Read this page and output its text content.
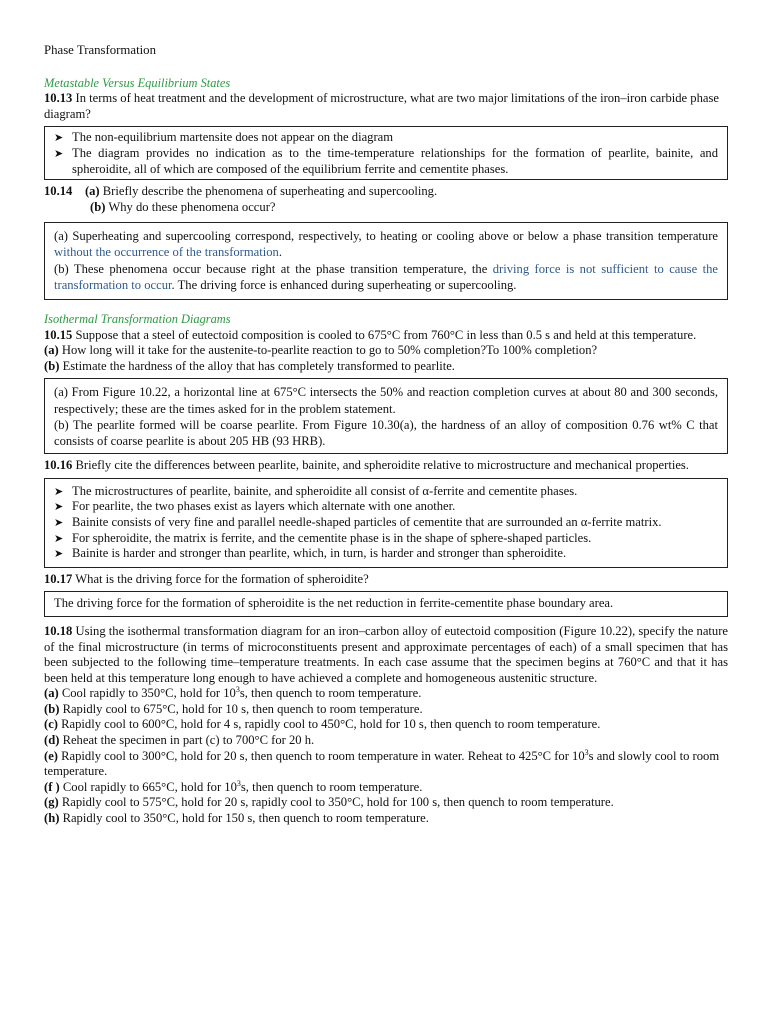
Phase Transformation

Metastable Versus Equilibrium States

10.13 In terms of heat treatment and the development of microstructure, what are two major limitations of the iron–iron carbide phase diagram?

➤ The non-equilibrium martensite does not appear on the diagram
➤ The diagram provides no indication as to the time-temperature relationships for the formation of pearlite, bainite, and spheroidite, all of which are composed of the equilibrium ferrite and cementite phases.

10.14 (a) Briefly describe the phenomena of superheating and supercooling.

(b) Why do these phenomena occur?

(a) Superheating and supercooling correspond, respectively, to heating or cooling above or below a phase transition temperature without the occurrence of the transformation.
(b) These phenomena occur because right at the phase transition temperature, the driving force is not sufficient to cause the transformation to occur. The driving force is enhanced during superheating or supercooling.

Isothermal Transformation Diagrams

10.15 Suppose that a steel of eutectoid composition is cooled to 675°C from 760°C in less than 0.5 s and held at this temperature.

(a) How long will it take for the austenite-to-pearlite reaction to go to 50% completion?To 100% completion?

(b) Estimate the hardness of the alloy that has completely transformed to pearlite.

(a) From Figure 10.22, a horizontal line at 675°C intersects the 50% and reaction completion curves at about 80 and 300 seconds, respectively; these are the times asked for in the problem statement.
(b) The pearlite formed will be coarse pearlite. From Figure 10.30(a), the hardness of an alloy of composition 0.76 wt% C that consists of coarse pearlite is about 205 HB (93 HRB).

10.16 Briefly cite the differences between pearlite, bainite, and spheroidite relative to microstructure and mechanical properties.

➤ The microstructures of pearlite, bainite, and spheroidite all consist of α-ferrite and cementite phases.
➤ For pearlite, the two phases exist as layers which alternate with one another.
➤ Bainite consists of very fine and parallel needle-shaped particles of cementite that are surrounded an α-ferrite matrix.
➤ For spheroidite, the matrix is ferrite, and the cementite phase is in the shape of sphere-shaped particles.
➤ Bainite is harder and stronger than pearlite, which, in turn, is harder and stronger than spheroidite.

10.17 What is the driving force for the formation of spheroidite?

The driving force for the formation of spheroidite is the net reduction in ferrite-cementite phase boundary area.

10.18 Using the isothermal transformation diagram for an iron–carbon alloy of eutectoid composition (Figure 10.22), specify the nature of the final microstructure (in terms of microconstituents present and approximate percentages of each) of a small specimen that has been subjected to the following time–temperature treatments. In each case assume that the specimen begins at 760°C and that it has been held at this temperature long enough to have achieved a complete and homogeneous austenitic structure.

(a) Cool rapidly to 350°C, hold for $10^3s$, then quench to room temperature.

(b) Rapidly cool to 675°C, hold for 10 s, then quench to room temperature.

(c) Rapidly cool to 600°C, hold for 4 s, rapidly cool to 450°C, hold for 10 s, then quench to room temperature.

(d) Reheat the specimen in part (c) to 700°C for 20 h.

(e) Rapidly cool to 300°C, hold for 20 s, then quench to room temperature in water. Reheat to 425°C for $10^3s$ and slowly cool to room temperature.

(f ) Cool rapidly to 665°C, hold for $10^3s$, then quench to room temperature.

(g) Rapidly cool to 575°C, hold for 20 s, rapidly cool to 350°C, hold for 100 s, then quench to room temperature.

(h) Rapidly cool to 350°C, hold for 150 s, then quench to room temperature.
